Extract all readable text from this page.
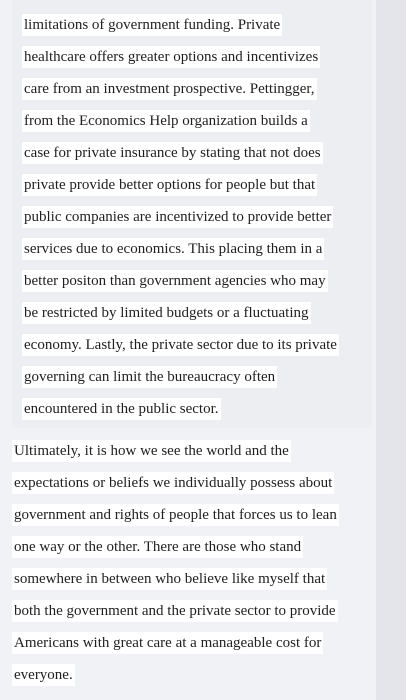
limitations of government funding. Private
healthcare offers greater options and incentivizes
care from an investment prospective. Pettingger,
from the Economics Help organization builds a
case for private insurance by stating that not does
private provide better options for people but that
public companies are incentivized to provide better
services due to economics. This placing them in a
better positon than government agencies who may
be restricted by limited budgets or a fluctuating
economy. Lastly, the private sector due to its private
governing can limit the bureaucracy often
encountered in the public sector.
Ultimately, it is how we see the world and the
expectations or beliefs we individually possess about
government and rights of people that forces us to lean
one way or the other. There are those who stand
somewhere in between who believe like myself that
both the government and the private sector to provide
Americans with great care at a manageable cost for
everyone.
